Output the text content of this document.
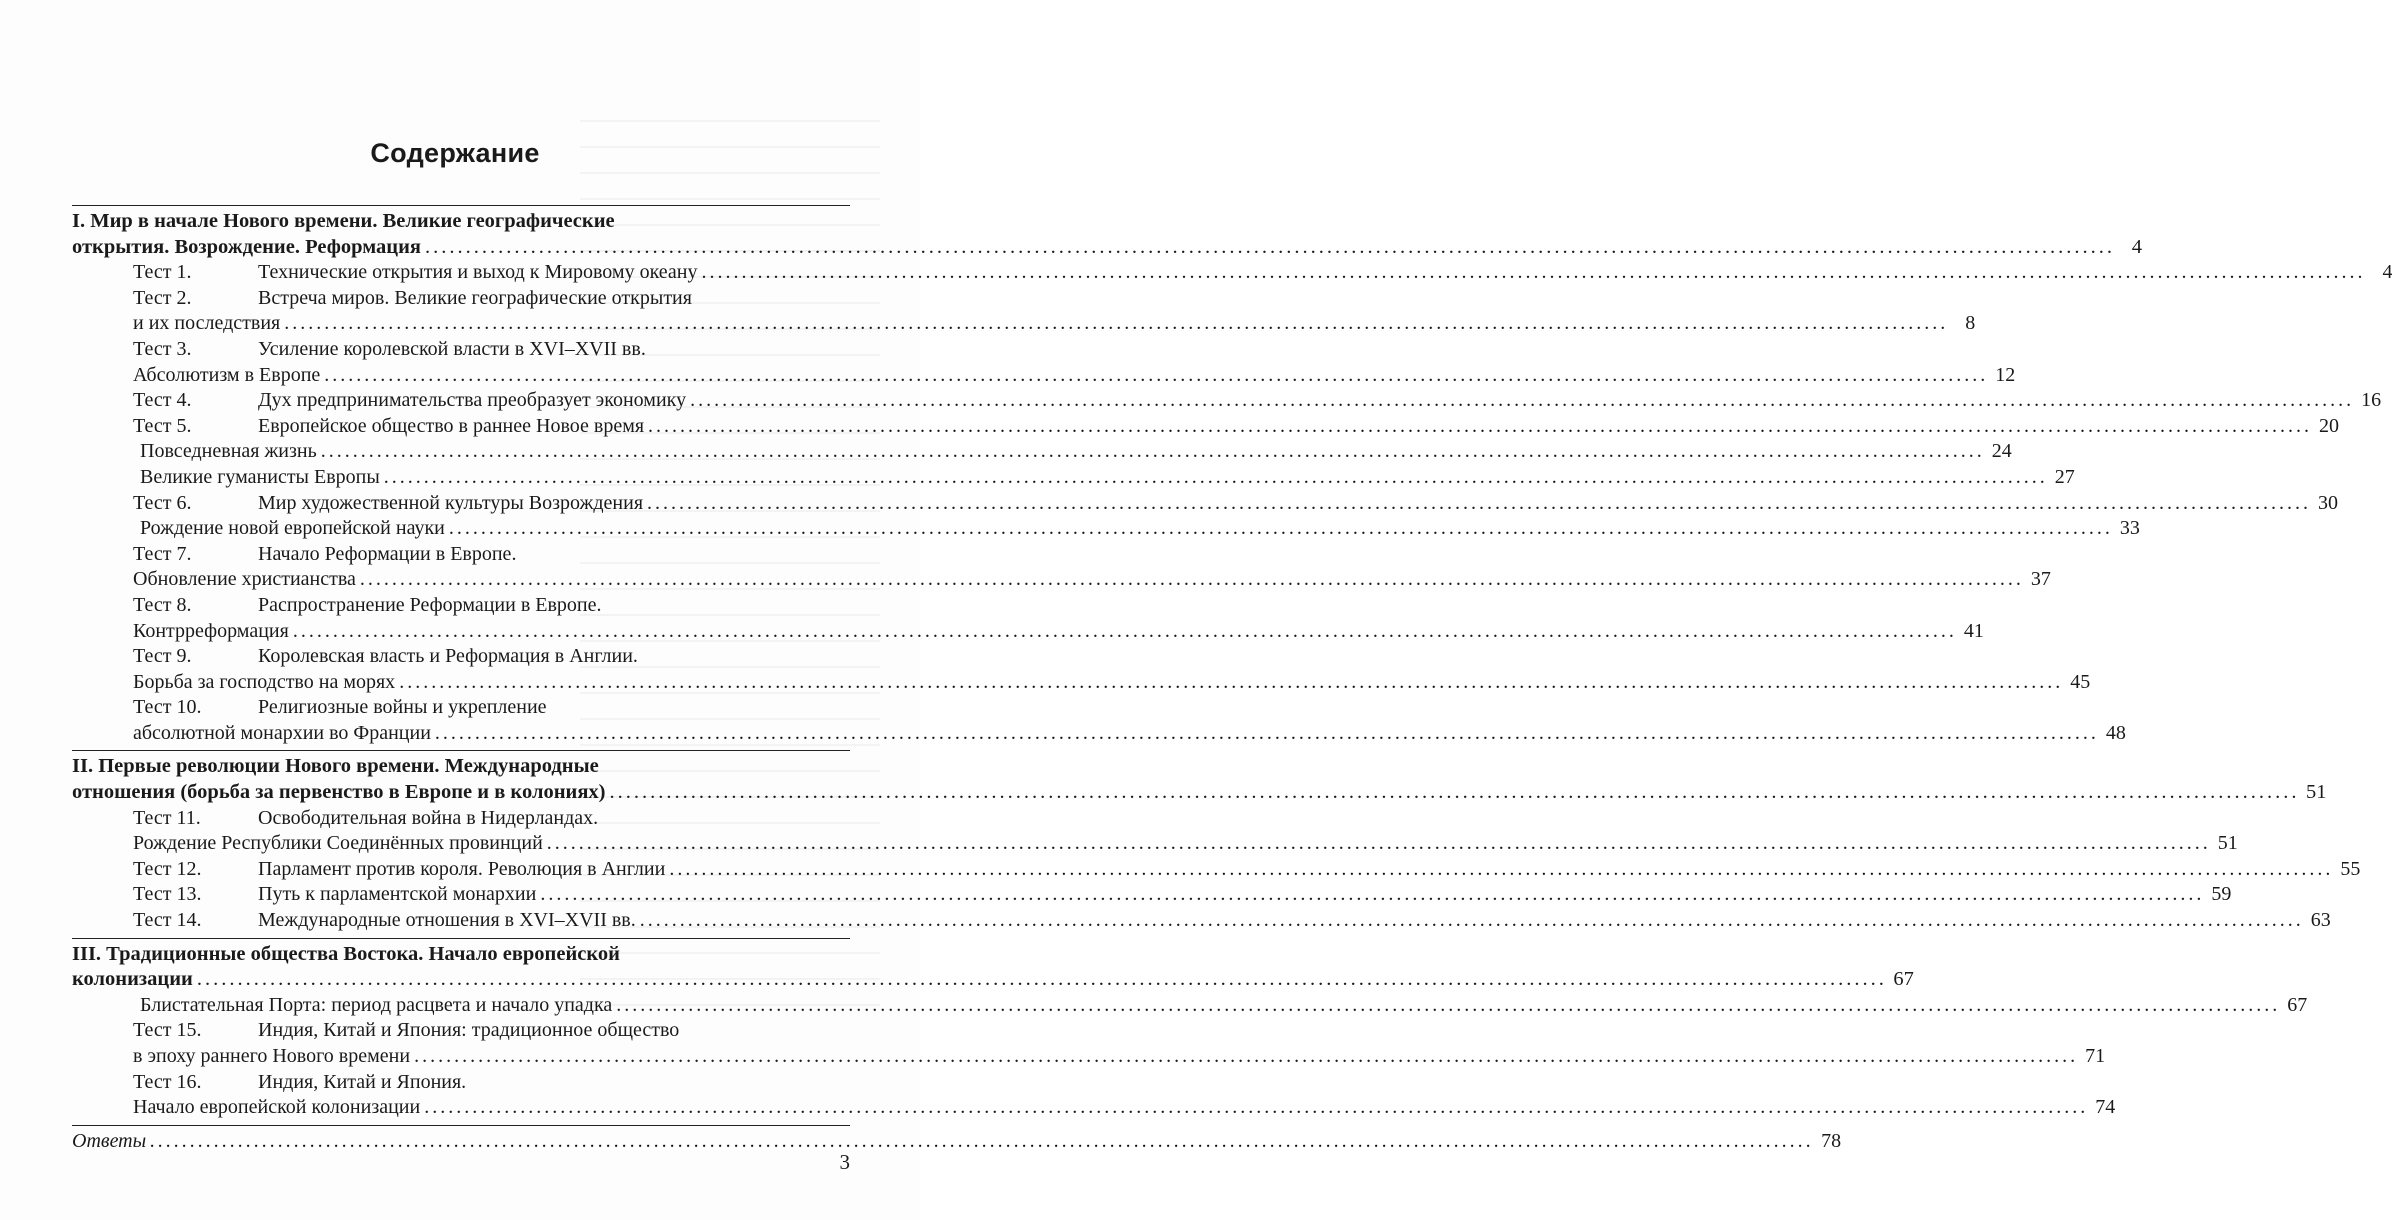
Содержание
I. Мир в начале Нового времени. Великие географические
открытия. Возрождение. Реформация .....	4
Тест 1.	Технические открытия и выход к Мировому океану .....	4
Тест 2.	Встреча миров. Великие географические открытия
и их последствия .....	8
Тест 3.	Усиление королевской власти в XVI–XVII вв.
Абсолютизм в Европе .....	12
Тест 4.	Дух предпринимательства преобразует экономику .....	16
Тест 5.	Европейское общество в раннее Новое время .....	20
Повседневная жизнь .....	24
Великие гуманисты Европы .....	27
Тест 6.	Мир художественной культуры Возрождения .....	30
Рождение новой европейской науки .....	33
Тест 7.	Начало Реформации в Европе.
Обновление христианства .....	37
Тест 8.	Распространение Реформации в Европе.
Контрреформация .....	41
Тест 9.	Королевская власть и Реформация в Англии.
Борьба за господство на морях .....	45
Тест 10.	Религиозные войны и укрепление
абсолютной монархии во Франции .....	48
II. Первые революции Нового времени. Международные
отношения (борьба за первенство в Европе и в колониях) .....	51
Тест 11.	Освободительная война в Нидерландах.
Рождение Республики Соединённых провинций .....	51
Тест 12.	Парламент против короля. Революция в Англии .....	55
Тест 13.	Путь к парламентской монархии .....	59
Тест 14.	Международные отношения в XVI–XVII вв. .....	63
III. Традиционные общества Востока. Начало европейской
колонизации .....	67
Блистательная Порта: период расцвета и начало упадка .....	67
Тест 15.	Индия, Китай и Япония: традиционное общество
в эпоху раннего Нового времени .....	71
Тест 16.	Индия, Китай и Япония.
Начало европейской колонизации .....	74
Ответы .....	78
3
